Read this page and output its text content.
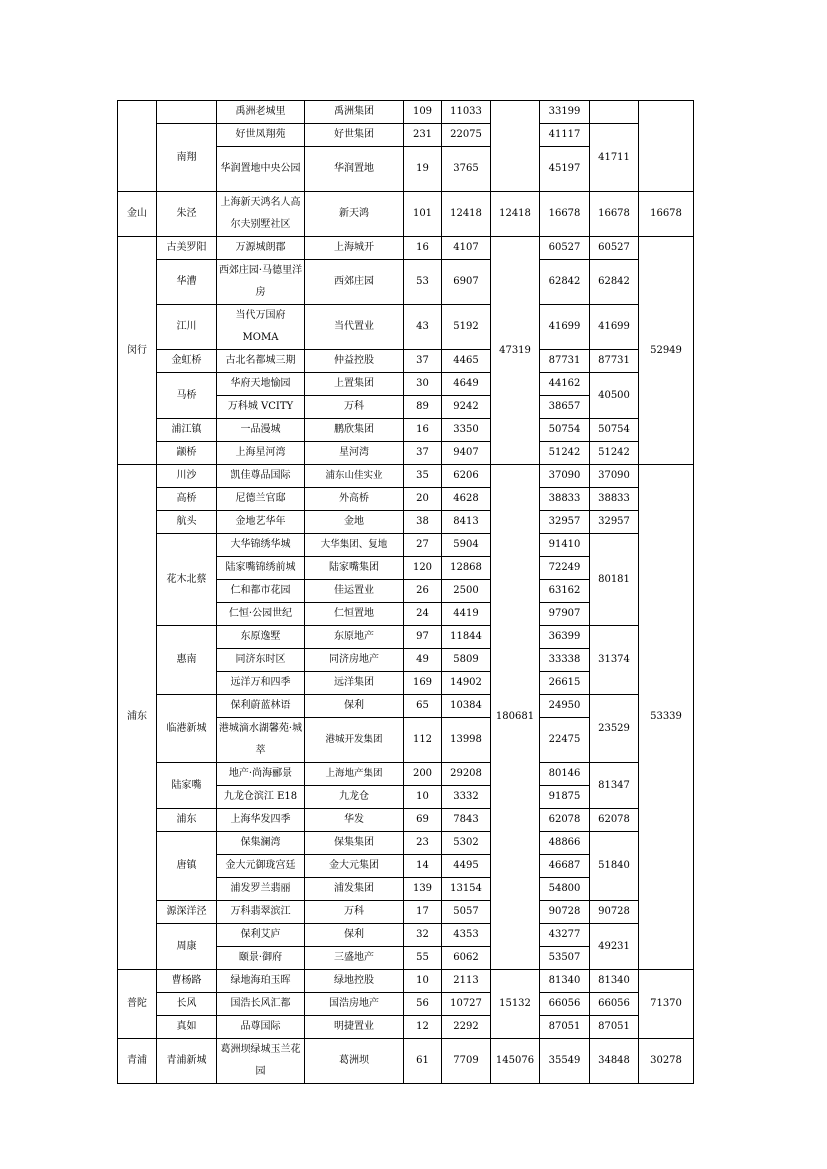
		禹洲老城里	禹洲集团	109	11033		33199		
	南翔	好世凤翔苑	好世集团	231	22075		41117	41711	
		华润置地中央公园	华润置地	19	3765		45197		
金山	朱泾	上海新天鸿名人高尔夫别墅社区	新天鸿	101	12418	12418	16678	16678	16678
闵行	古美罗阳	万源城朗郡	上海城开	16	4107	47319	60527	60527	52949
	华漕	西郊庄园·马德里洋房	西郊庄园	53	6907		62842	62842	
	江川	当代万国府MOMA	当代置业	43	5192		41699	41699	
	金虹桥	古北名都城三期	仲益控股	37	4465		87731	87731	
	马桥	华府天地愉园	上置集团	30	4649		44162	40500	
		万科城 VCITY	万科	89	9242		38657		
	浦江镇	一品漫城	鹏欣集团	16	3350		50754	50754	
	颛桥	上海星河湾	星河湾	37	9407		51242	51242	
浦东	川沙	凯佳尊品国际	浦东山佳实业	35	6206	180681	37090	37090	53339
	高桥	尼德兰官邸	外高桥	20	4628		38833	38833	
	航头	金地艺华年	金地	38	8413		32957	32957	
	花木北蔡	大华锦绣华城	大华集团、复地	27	5904		91410	80181	
		陆家嘴锦绣前城	陆家嘴集团	120	12868		72249		
		仁和都市花园	佳运置业	26	2500		63162		
		仁恒·公园世纪	仁恒置地	24	4419		97907		
	惠南	东原逸墅	东原地产	97	11844		36399	31374	
		同济东时区	同济房地产	49	5809		33338		
		远洋万和四季	远洋集团	169	14902		26615		
	临港新城	保利蔚蓝林语	保利	65	10384		24950	23529	
		港城滴水湖馨苑·城萃	港城开发集团	112	13998		22475		
	陆家嘴	地产·尚海郦景	上海地产集团	200	29208		80146	81347	
		九龙仓滨江 E18	九龙仓	10	3332		91875		
	浦东	上海华发四季	华发	69	7843		62078	62078	
	唐镇	保集澜湾	保集集团	23	5302		48866	51840	
		金大元御珑宫廷	金大元集团	14	4495		46687		
		浦发罗兰翡丽	浦发集团	139	13154		54800		
	源深洋泾	万科翡翠滨江	万科	17	5057		90728	90728	
	周康	保利艾庐	保利	32	4353		43277	49231	
		颐景·御府	三盛地产	55	6062		53507		
普陀	曹杨路	绿地海珀玉晖	绿地控股	10	2113	15132	81340	81340	71370
	长风	国浩长风汇都	国浩房地产	56	10727		66056	66056	
	真如	品尊国际	明捷置业	12	2292		87051	87051	
青浦	青浦新城	葛洲坝绿城玉兰花园	葛洲坝	61	7709	145076	35549	34848	30278
